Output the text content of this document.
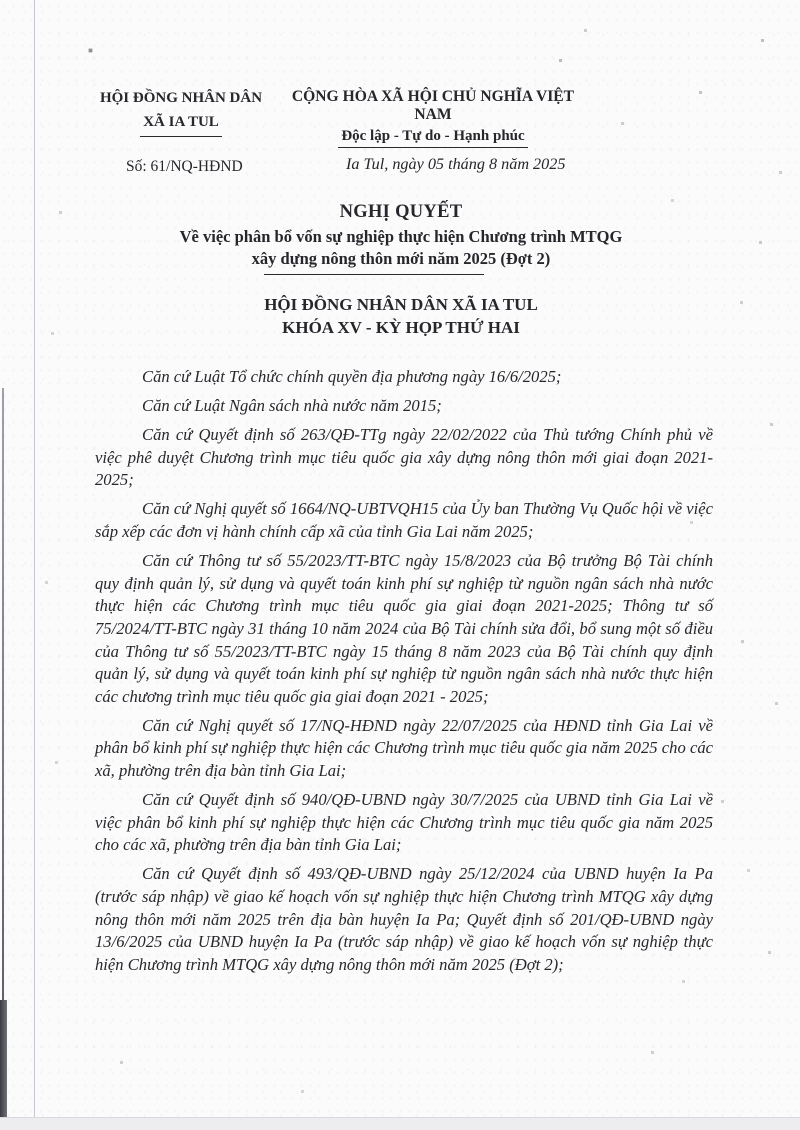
HỘI ĐỒNG NHÂN DÂN
XÃ IA TUL
CỘNG HÒA XÃ HỘI CHỦ NGHĨA VIỆT NAM
Độc lập - Tự do - Hạnh phúc
Số: 61/NQ-HĐND	Ia Tul, ngày 05 tháng 8 năm 2025
NGHỊ QUYẾT
Về việc phân bổ vốn sự nghiệp thực hiện Chương trình MTQG
xây dựng nông thôn mới năm 2025 (Đợt 2)
HỘI ĐỒNG NHÂN DÂN XÃ IA TUL
KHÓA XV - KỲ HỌP THỨ HAI

Căn cứ Luật Tổ chức chính quyền địa phương ngày 16/6/2025;

Căn cứ Luật Ngân sách nhà nước năm 2015;

Căn cứ Quyết định số 263/QĐ-TTg ngày 22/02/2022 của Thủ tướng Chính phủ về việc phê duyệt Chương trình mục tiêu quốc gia xây dựng nông thôn mới giai đoạn 2021-2025;

Căn cứ Nghị quyết số 1664/NQ-UBTVQH15 của Ủy ban Thường Vụ Quốc hội về việc sắp xếp các đơn vị hành chính cấp xã của tỉnh Gia Lai năm 2025;

Căn cứ Thông tư số 55/2023/TT-BTC ngày 15/8/2023 của Bộ trưởng Bộ Tài chính quy định quản lý, sử dụng và quyết toán kinh phí sự nghiệp từ nguồn ngân sách nhà nước thực hiện các Chương trình mục tiêu quốc gia giai đoạn 2021-2025; Thông tư số 75/2024/TT-BTC ngày 31 tháng 10 năm 2024 của Bộ Tài chính sửa đổi, bổ sung một số điều của Thông tư số 55/2023/TT-BTC ngày 15 tháng 8 năm 2023 của Bộ Tài chính quy định quản lý, sử dụng và quyết toán kinh phí sự nghiệp từ nguồn ngân sách nhà nước thực hiện các chương trình mục tiêu quốc gia giai đoạn 2021 - 2025;

Căn cứ Nghị quyết số 17/NQ-HĐND ngày 22/07/2025 của HĐND tỉnh Gia Lai về phân bổ kinh phí sự nghiệp thực hiện các Chương trình mục tiêu quốc gia năm 2025 cho các xã, phường trên địa bàn tỉnh Gia Lai;

Căn cứ Quyết định số 940/QĐ-UBND ngày 30/7/2025 của UBND tỉnh Gia Lai về việc phân bổ kinh phí sự nghiệp thực hiện các Chương trình mục tiêu quốc gia năm 2025 cho các xã, phường trên địa bàn tỉnh Gia Lai;

Căn cứ Quyết định số 493/QĐ-UBND ngày 25/12/2024 của UBND huyện Ia Pa (trước sáp nhập) về giao kế hoạch vốn sự nghiệp thực hiện Chương trình MTQG xây dựng nông thôn mới năm 2025 trên địa bàn huyện Ia Pa; Quyết định số 201/QĐ-UBND ngày 13/6/2025 của UBND huyện Ia Pa (trước sáp nhập) về giao kế hoạch vốn sự nghiệp thực hiện Chương trình MTQG xây dựng nông thôn mới năm 2025 (Đợt 2);
